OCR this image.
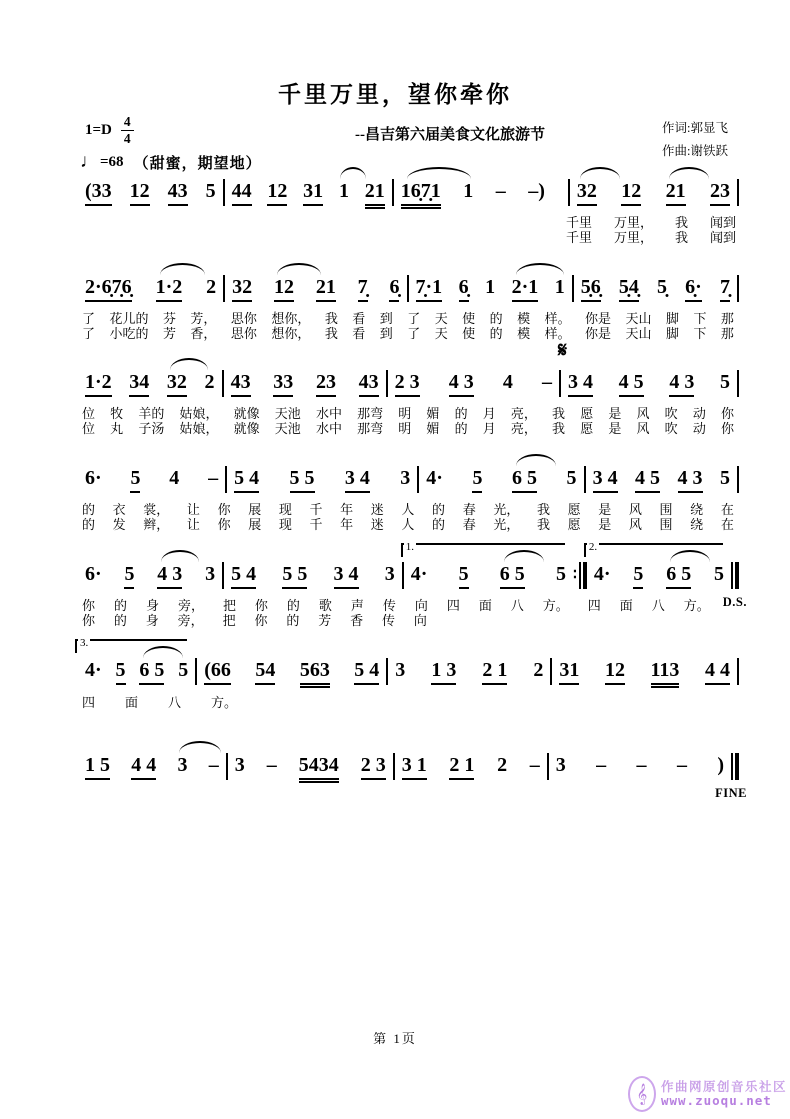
千里万里，望你牵你
--昌吉第六届美食文化旅游节	作词:郭显飞
作曲:谢铁跃
$1=D \frac{4}{4}$
♩ =68 （甜蜜，期望地）
(33 12 43 5 44 12 31 1 21 16̣7̣1 1 – –) 32 12 21 23
千里 万里， 我 闻到
千里 万里， 我 闻到
2·6̣7̣6̣ 1·2 2 32 12 21 7̣ 6̣ 7̣·1 6̣ 1 2·1 1 5̣6̣ 5̣4̣ 5̣ 6̣· 7̣
了 花儿的 芬 芳， 思你 想你， 我 看 到 了 天 使 的 模 样。 你是 天山 脚 下 那
了 小吃的 芳 香， 思你 想你， 我 看 到 了 天 使 的 模 样。 你是 天山 脚 下 那
1·2 34 32 2 43 33 23 43 2 3 4 3 4 – 3 4 4 5 4 3 5
位 牧 羊的 姑娘， 就像 天池 水中 那弯 明 媚 的 月 亮， 我 愿 是 风 吹 动 你
位 丸 子汤 姑娘， 就像 天池 水中 那弯 明 媚 的 月 亮， 我 愿 是 风 吹 动 你
6· 5 4 – 5 4 5 5 3 4 3 4· 5 6 5 5 3 4 4 5 4 3 5
的 衣 裳， 让 你 展 现 千 年 迷 人 的 春 光， 我 愿 是 风 围 绕 在
的 发 辫， 让 你 展 现 千 年 迷 人 的 春 光， 我 愿 是 风 围 绕 在
6· 5 4 3 3 5 4 5 5 3 4 3
1.
4· 5 6 5 5 ∶
2.
4· 5 6 5 5
D.S.
你 的 身 旁， 把 你 的 歌 声 传 向 四 面 八 方。 四 面 八 方。
你 的 身 旁， 把 你 的 芳 香 传 向
3.
4· 5 6 5 5 (66 54 563 5 4 3 1 3 2 1 2 31 12 113 4 4
四 面 八 方。
1 5 4 4 3 – 3 – 5434 2 3 3 1 2 1 2 – 3 – – – )
FINE
𝄋
第 1页
𝄞 作曲网原创音乐社区
www.zuoqu.net
